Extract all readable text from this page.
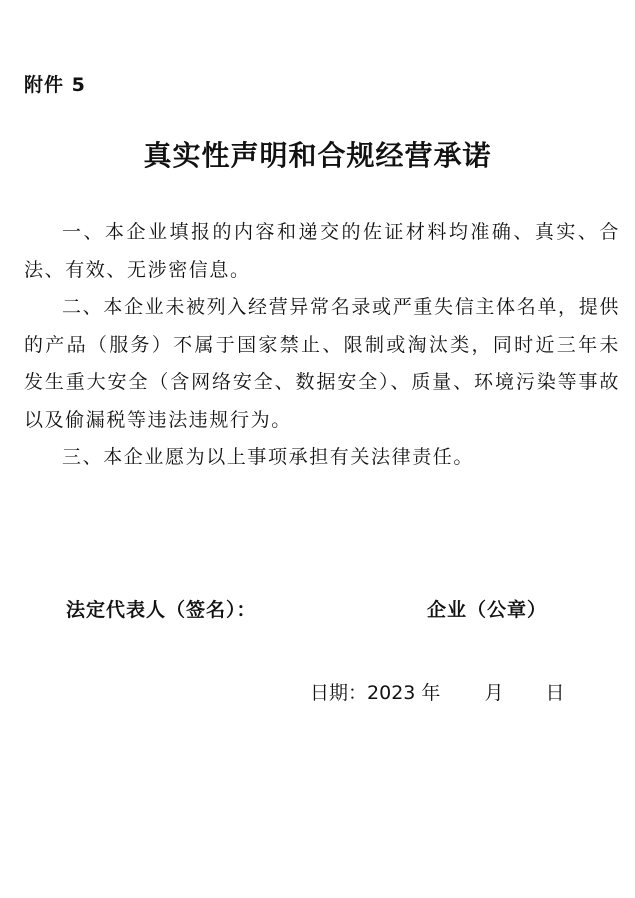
附件 5
真实性声明和合规经营承诺

一、本企业填报的内容和递交的佐证材料均准确、真实、合法、有效、无涉密信息。

二、本企业未被列入经营异常名录或严重失信主体名单，提供的产品（服务）不属于国家禁止、限制或淘汰类，同时近三年未发生重大安全（含网络安全、数据安全）、质量、环境污染等事故以及偷漏税等违法违规行为。

三、本企业愿为以上事项承担有关法律责任。

法定代表人（签名）：	企业（公章）
日期：2023 年 月 日
